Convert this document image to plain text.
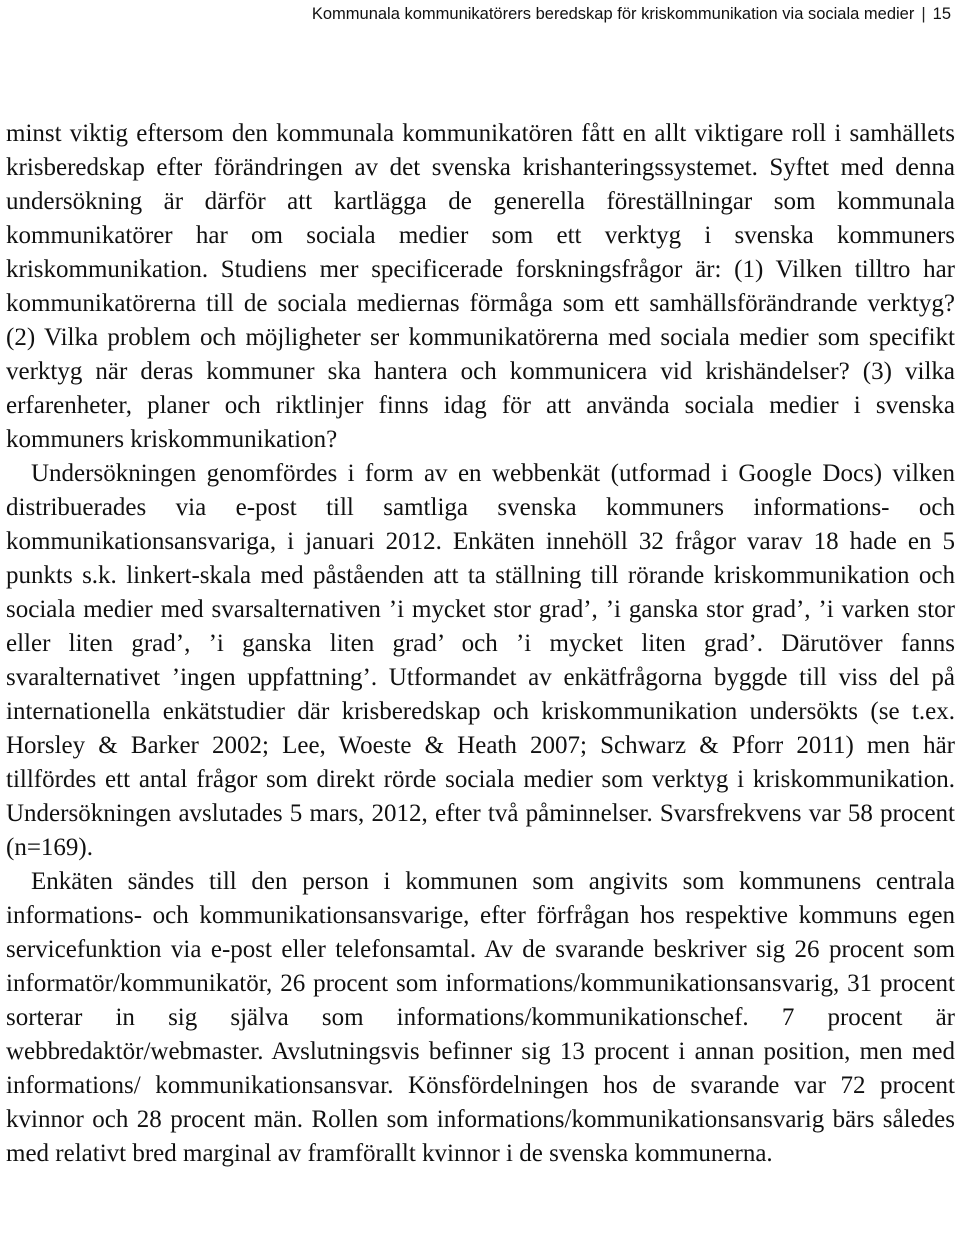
Kommunala kommunikatörers beredskap för kriskommunikation via sociala medier | 15

minst viktig eftersom den kommunala kommunikatören fått en allt viktigare roll i samhällets krisberedskap efter förändringen av det svenska krishanteringssystemet. Syftet med denna undersökning är därför att kartlägga de generella föreställningar som kommunala kommunikatörer har om sociala medier som ett verktyg i svenska kommuners kriskommunikation. Studiens mer specificerade forskningsfrågor är: (1) Vilken tilltro har kommunikatörerna till de sociala mediernas förmåga som ett samhällsförändrande verktyg? (2) Vilka problem och möjligheter ser kommunikatörerna med sociala medier som specifikt verktyg när deras kommuner ska hantera och kommunicera vid krishändelser? (3) vilka erfarenheter, planer och riktlinjer finns idag för att använda sociala medier i svenska kommuners kriskommunikation?

Undersökningen genomfördes i form av en webbenkät (utformad i Google Docs) vilken distribuerades via e-post till samtliga svenska kommuners informations- och kommunikationsansvariga, i januari 2012. Enkäten innehöll 32 frågor varav 18 hade en 5 punkts s.k. linkert-skala med påståenden att ta ställning till rörande kriskommunikation och sociala medier med svarsalternativen ’i mycket stor grad’, ’i ganska stor grad’, ’i varken stor eller liten grad’, ’i ganska liten grad’ och ’i mycket liten grad’. Därutöver fanns svaralternativet ’ingen uppfattning’. Utformandet av enkätfrågorna byggde till viss del på internationella enkätstudier där krisberedskap och kriskommunikation undersökts (se t.ex. Horsley & Barker 2002; Lee, Woeste & Heath 2007; Schwarz & Pforr 2011) men här tillfördes ett antal frågor som direkt rörde sociala medier som verktyg i kriskommunikation. Undersökningen avslutades 5 mars, 2012, efter två påminnelser. Svarsfrekvens var 58 procent (n=169).

Enkäten sändes till den person i kommunen som angivits som kommunens centrala informations- och kommunikationsansvarige, efter förfrågan hos respektive kommuns egen servicefunktion via e-post eller telefonsamtal. Av de svarande beskriver sig 26 procent som informatör/kommunikatör, 26 procent som informations/kommunikationsansvarig, 31 procent sorterar in sig själva som informations/kommunikationschef. 7 procent är webbredaktör/webmaster. Avslutningsvis befinner sig 13 procent i annan position, men med informations/ kommunikationsansvar. Könsfördelningen hos de svarande var 72 procent kvinnor och 28 procent män. Rollen som informations/kommunikationsansvarig bärs således med relativt bred marginal av framförallt kvinnor i de svenska kommunerna.
